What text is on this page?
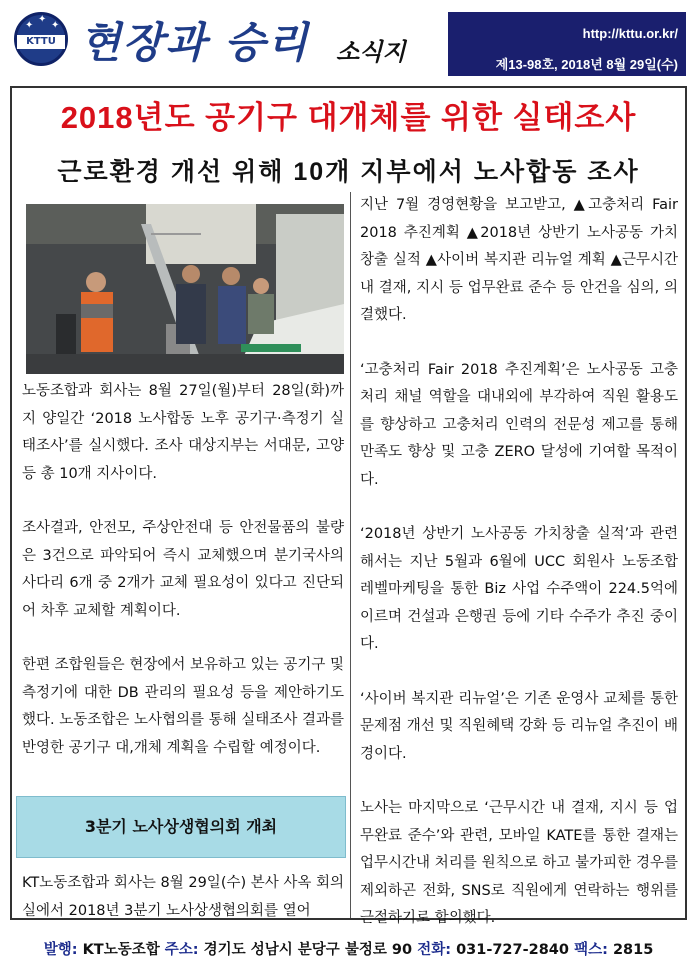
✦ ✦
✦
KTTU 현장과 승리 소식지
http://kttu.or.kr/
제13-98호, 2018년 8월 29일(수)
2018년도 공기구 대개체를 위한 실태조사
근로환경 개선 위해 10개 지부에서 노사합동 조사

노동조합과 회사는 8월 27일(월)부터 28일(화)까지 양일간 ‘2018 노사합동 노후 공기구·측정기 실태조사’를 실시했다. 조사 대상지부는 서대문, 고양 등 총 10개 지사이다.

조사결과, 안전모, 주상안전대 등 안전물품의 불량은 3건으로 파악되어 즉시 교체했으며 분기국사의 사다리 6개 중 2개가 교체 필요성이 있다고 진단되어 차후 교체할 계획이다.

한편 조합원들은 현장에서 보유하고 있는 공기구 및 측정기에 대한 DB 관리의 필요성 등을 제안하기도 했다. 노동조합은 노사협의를 통해 실태조사 결과를 반영한 공기구 대,개체 계획을 수립할 예정이다.

3분기 노사상생협의회 개최

KT노동조합과 회사는 8월 29일(수) 본사 사옥 회의실에서 2018년 3분기 노사상생협의회를 열어

지난 7월 경영현황을 보고받고, ▲고충처리 Fair 2018 추진계획 ▲2018년 상반기 노사공동 가치창출 실적 ▲사이버 복지관 리뉴얼 계획 ▲근무시간 내 결재, 지시 등 업무완료 준수 등 안건을 심의, 의결했다.

‘고충처리 Fair 2018 추진계획’은 노사공동 고충처리 채널 역할을 대내외에 부각하여 직원 활용도를 향상하고 고충처리 인력의 전문성 제고를 통해 만족도 향상 및 고충 ZERO 달성에 기여할 목적이다.

‘2018년 상반기 노사공동 가치창출 실적’과 관련해서는 지난 5월과 6월에 UCC 회원사 노동조합 레벨마케팅을 통한 Biz 사업 수주액이 224.5억에 이르며 건설과 은행권 등에 기타 수주가 추진 중이다.

‘사이버 복지관 리뉴얼’은 기존 운영사 교체를 통한 문제점 개선 및 직원혜택 강화 등 리뉴얼 추진이 배경이다.

노사는 마지막으로 ‘근무시간 내 결재, 지시 등 업무완료 준수’와 관련, 모바일 KATE를 통한 결재는 업무시간내 처리를 원칙으로 하고 불가피한 경우를 제외하곤 전화, SNS로 직원에게 연락하는 행위를 근절하기로 합의했다.

발행: KT노동조합 주소: 경기도 성남시 분당구 불정로 90 전화: 031-727-2840 팩스: 2815
